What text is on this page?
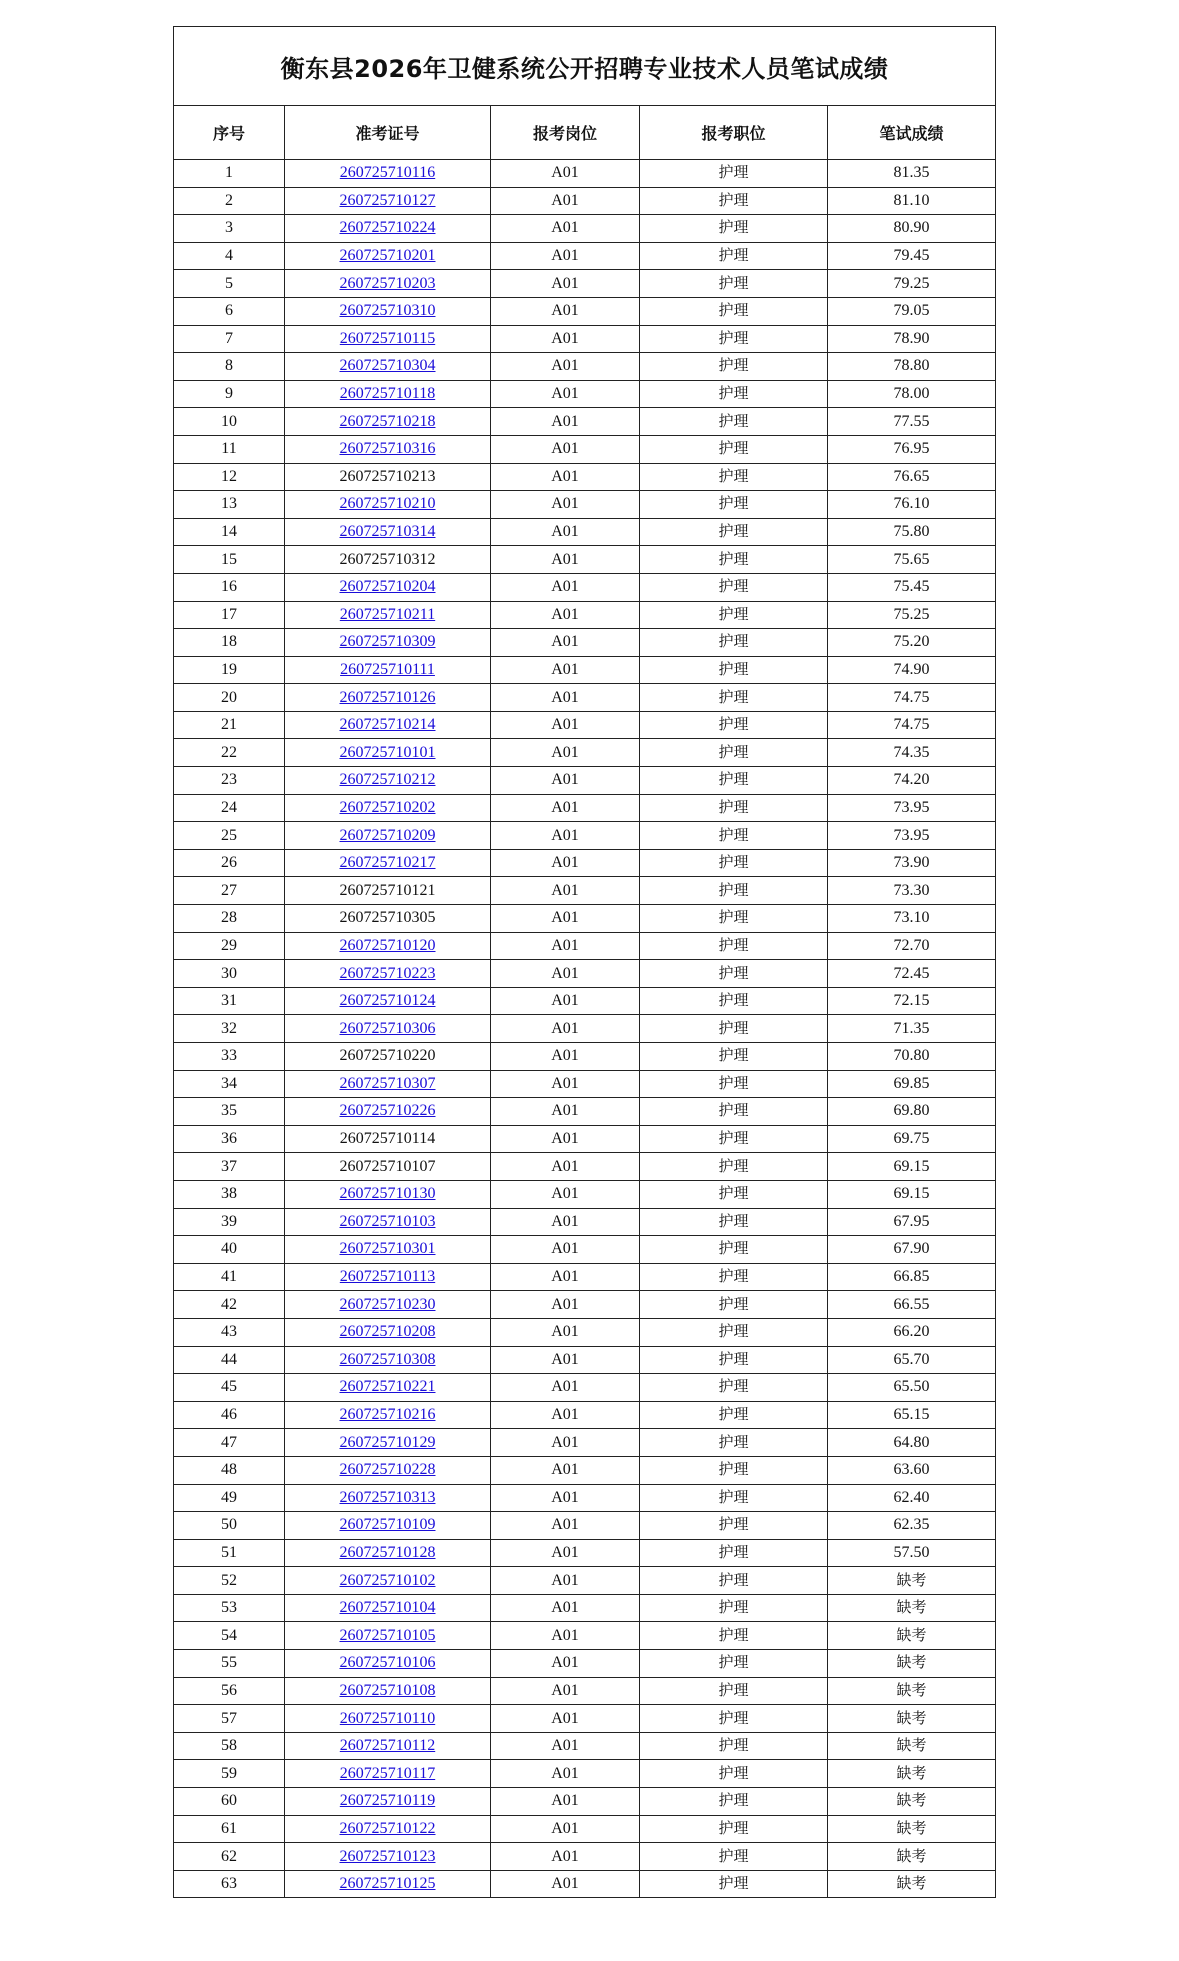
衡东县2026年卫健系统公开招聘专业技术人员笔试成绩				
序号	准考证号	报考岗位	报考职位	笔试成绩
1	260725710116	A01	护理	81.35
2	260725710127	A01	护理	81.10
3	260725710224	A01	护理	80.90
4	260725710201	A01	护理	79.45
5	260725710203	A01	护理	79.25
6	260725710310	A01	护理	79.05
7	260725710115	A01	护理	78.90
8	260725710304	A01	护理	78.80
9	260725710118	A01	护理	78.00
10	260725710218	A01	护理	77.55
11	260725710316	A01	护理	76.95
12	260725710213	A01	护理	76.65
13	260725710210	A01	护理	76.10
14	260725710314	A01	护理	75.80
15	260725710312	A01	护理	75.65
16	260725710204	A01	护理	75.45
17	260725710211	A01	护理	75.25
18	260725710309	A01	护理	75.20
19	260725710111	A01	护理	74.90
20	260725710126	A01	护理	74.75
21	260725710214	A01	护理	74.75
22	260725710101	A01	护理	74.35
23	260725710212	A01	护理	74.20
24	260725710202	A01	护理	73.95
25	260725710209	A01	护理	73.95
26	260725710217	A01	护理	73.90
27	260725710121	A01	护理	73.30
28	260725710305	A01	护理	73.10
29	260725710120	A01	护理	72.70
30	260725710223	A01	护理	72.45
31	260725710124	A01	护理	72.15
32	260725710306	A01	护理	71.35
33	260725710220	A01	护理	70.80
34	260725710307	A01	护理	69.85
35	260725710226	A01	护理	69.80
36	260725710114	A01	护理	69.75
37	260725710107	A01	护理	69.15
38	260725710130	A01	护理	69.15
39	260725710103	A01	护理	67.95
40	260725710301	A01	护理	67.90
41	260725710113	A01	护理	66.85
42	260725710230	A01	护理	66.55
43	260725710208	A01	护理	66.20
44	260725710308	A01	护理	65.70
45	260725710221	A01	护理	65.50
46	260725710216	A01	护理	65.15
47	260725710129	A01	护理	64.80
48	260725710228	A01	护理	63.60
49	260725710313	A01	护理	62.40
50	260725710109	A01	护理	62.35
51	260725710128	A01	护理	57.50
52	260725710102	A01	护理	缺考
53	260725710104	A01	护理	缺考
54	260725710105	A01	护理	缺考
55	260725710106	A01	护理	缺考
56	260725710108	A01	护理	缺考
57	260725710110	A01	护理	缺考
58	260725710112	A01	护理	缺考
59	260725710117	A01	护理	缺考
60	260725710119	A01	护理	缺考
61	260725710122	A01	护理	缺考
62	260725710123	A01	护理	缺考
63	260725710125	A01	护理	缺考
